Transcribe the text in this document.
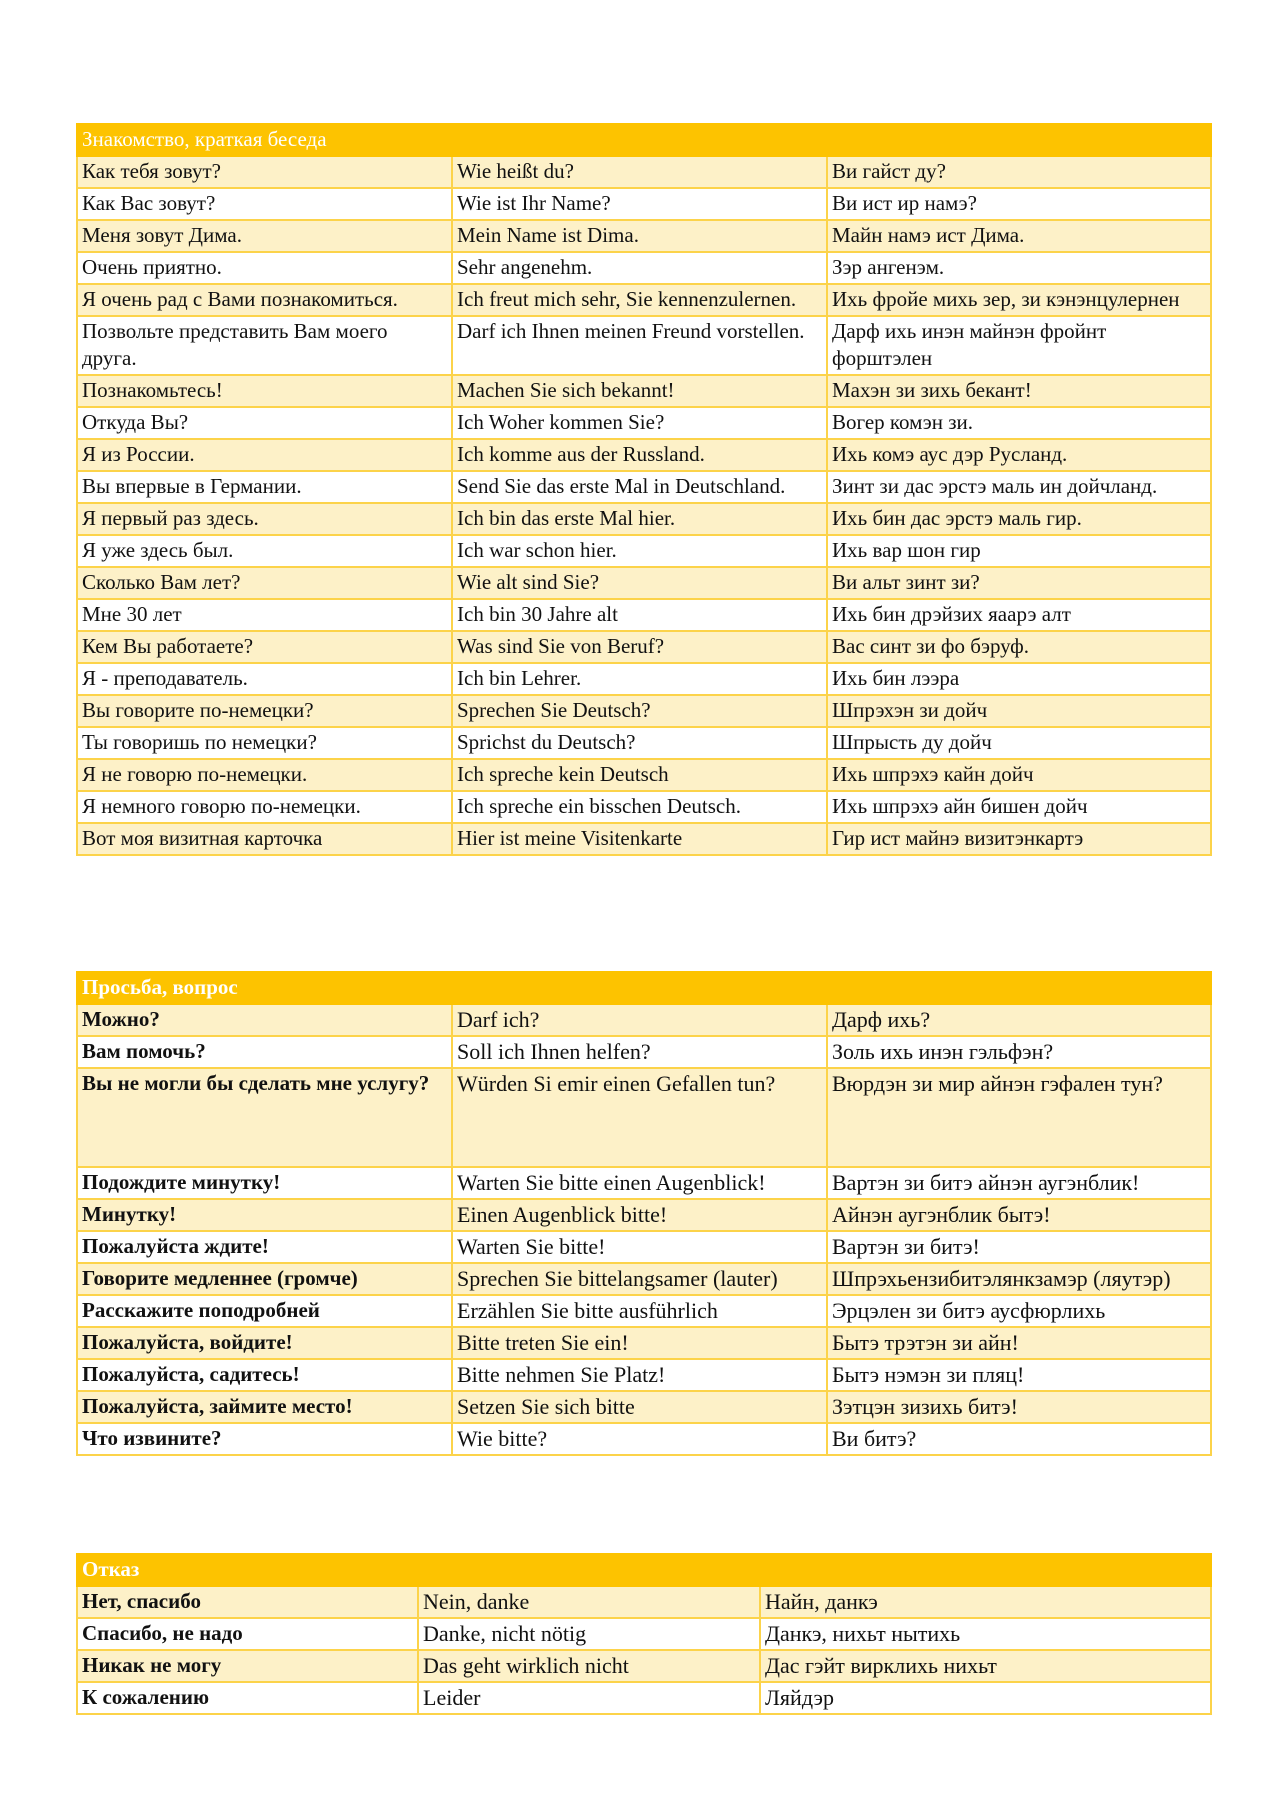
Знакомство, краткая беседа		
Как тебя зовут?	Wie heißt du?	Ви гайст ду?
Как Вас зовут?	Wie ist Ihr Name?	Ви ист ир намэ?
Меня зовут Дима.	Mein Name ist Dima.	Майн намэ ист Дима.
Очень приятно.	Sehr angenehm.	Зэр ангенэм.
Я очень рад с Вами познакомиться.	Ich freut mich sehr, Sie kennenzulernen.	Ихь фройе михь зер, зи кэнэнцулернен
Позвольте представить Вам моего друга.	Darf ich Ihnen meinen Freund vorstellen.	Дарф ихь инэн майнэн фройнт форштэлен
Познакомьтесь!	Machen Sie sich bekannt!	Махэн зи зихь бекант!
Откуда Вы?	Ich Woher kommen Sie?	Вогер комэн зи.
Я из России.	Ich komme aus der Russland.	Ихь комэ аус дэр Русланд.
Вы впервые в Германии.	Send Sie das erste Mal in Deutschland.	Зинт зи дас эрстэ маль ин дойчланд.
Я первый раз здесь.	Ich bin das erste Mal hier.	Ихь бин дас эрстэ маль гир.
Я уже здесь был.	Ich war schon hier.	Ихь вар шон гир
Сколько Вам лет?	Wie alt sind Sie?	Ви альт зинт зи?
Мне 30 лет	Ich bin 30 Jahre alt	Ихь бин дрэйзих яаарэ алт
Кем Вы работаете?	Was sind Sie von Beruf?	Вас синт зи фо бэруф.
Я - преподаватель.	Ich bin Lehrer.	Ихь бин лээра
Вы говорите по-немецки?	Sprechen Sie Deutsch?	Шпрэхэн зи дойч
Ты говоришь по немецки?	Sprichst du Deutsch?	Шпрысть ду дойч
Я не говорю по-немецки.	Ich spreche kein Deutsch	Ихь шпрэхэ кайн дойч
Я немного говорю по-немецки.	Ich spreche ein bisschen Deutsch.	Ихь шпрэхэ айн бишен дойч
Вот моя визитная карточка	Hier ist meine Visitenkarte	Гир ист майнэ визитэнкартэ
Просьба, вопрос		
Можно?	Darf ich?	Дарф ихь?
Вам помочь?	Soll ich Ihnen helfen?	Золь ихь инэн гэльфэн?
Вы не могли бы сделать мне услугу?	Würden Si emir einen Gefallen tun?	Вюрдэн зи мир айнэн гэфален тун?
Подождите минутку!	Warten Sie bitte einen Augenblick!	Вартэн зи битэ айнэн аугэнблик!
Минутку!	Einen Augenblick bitte!	Айнэн аугэнблик бытэ!
Пожалуйста ждите!	Warten Sie bitte!	Вартэн зи битэ!
Говорите медленнее (громче)	Sprechen Sie bittelangsamer (lauter)	Шпрэхьензибитэлянкзамэр (ляутэр)
Расскажите поподробней	Erzählen Sie bitte ausführlich	Эрцэлен зи битэ аусфюрлихь
Пожалуйста, войдите!	Bitte treten Sie ein!	Бытэ трэтэн зи айн!
Пожалуйста, садитесь!	Bitte nehmen Sie Platz!	Бытэ нэмэн зи пляц!
Пожалуйста, займите место!	Setzen Sie sich bitte	Зэтцэн зизихь битэ!
Что извините?	Wie bitte?	Ви битэ?
Отказ		
Нет, спасибо	Nein, danke	Найн, данкэ
Спасибо, не надо	Danke, nicht nötig	Данкэ, нихьт нытихь
Никак не могу	Das geht wirklich nicht	Дас гэйт вирклихь нихьт
К сожалению	Leider	Ляйдэр
